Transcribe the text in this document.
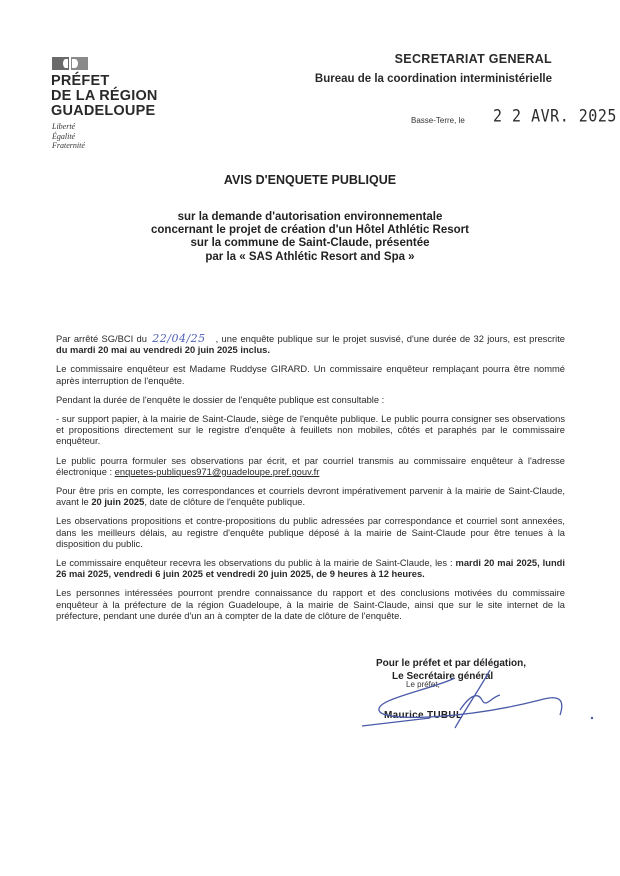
PRÉFET
DE LA RÉGION
GUADELOUPE
Liberté
Égalité
Fraternité
SECRETARIAT GENERAL
Bureau de la coordination interministérielle
Basse-Terre, le 2 2 AVR. 2025
AVIS D'ENQUETE PUBLIQUE
sur la demande d'autorisation environnementale
concernant le projet de création d'un Hôtel Athlétic Resort
sur la commune de Saint-Claude, présentée
par la « SAS Athlétic Resort and Spa »

Par arrêté SG/BCI du 22/04/25 , une enquête publique sur le projet susvisé, d'une durée de 32 jours, est prescrite du mardi 20 mai au vendredi 20 juin 2025 inclus.

Le commissaire enquêteur est Madame Ruddyse GIRARD. Un commissaire enquêteur remplaçant pourra être nommé après interruption de l'enquête.

Pendant la durée de l'enquête le dossier de l'enquête publique est consultable :

- sur support papier, à la mairie de Saint-Claude, siège de l'enquête publique. Le public pourra consigner ses observations et propositions directement sur le registre d'enquête à feuillets non mobiles, côtés et paraphés par le commissaire enquêteur.

Le public pourra formuler ses observations par écrit, et par courriel transmis au commissaire enquêteur à l'adresse électronique : enquetes-publiques971@guadeloupe.pref.gouv.fr

Pour être pris en compte, les correspondances et courriels devront impérativement parvenir à la mairie de Saint-Claude, avant le 20 juin 2025, date de clôture de l'enquête publique.

Les observations propositions et contre-propositions du public adressées par correspondance et courriel sont annexées, dans les meilleurs délais, au registre d'enquête publique déposé à la mairie de Saint-Claude pour être tenues à la disposition du public.

Le commissaire enquêteur recevra les observations du public à la mairie de Saint-Claude, les : mardi 20 mai 2025, lundi 26 mai 2025, vendredi 6 juin 2025 et vendredi 20 juin 2025, de 9 heures à 12 heures.

Les personnes intéressées pourront prendre connaissance du rapport et des conclusions motivées du commissaire enquêteur à la préfecture de la région Guadeloupe, à la mairie de Saint-Claude, ainsi que sur le site internet de la préfecture, pendant une durée d'un an à compter de la date de clôture de l'enquête.

Pour le préfet et par délégation,
Le Secrétaire général
Le préfet,
Maurice TUBUL
